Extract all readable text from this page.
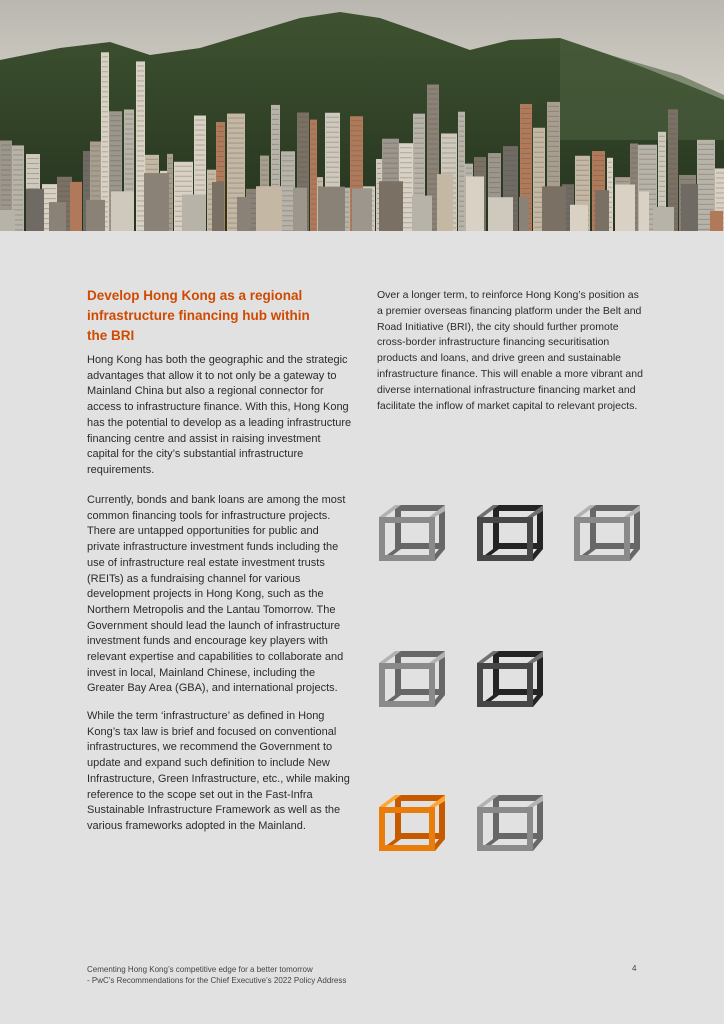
Develop Hong Kong as a regional infrastructure financing hub within the BRI

Hong Kong has both the geographic and the strategic advantages that allow it to not only be a gateway to Mainland China but also a regional connector for access to infrastructure finance. With this, Hong Kong has the potential to develop as a leading infrastructure financing centre and assist in raising investment capital for the city’s substantial infrastructure requirements.

Currently, bonds and bank loans are among the most common financing tools for infrastructure projects. There are untapped opportunities for public and private infrastructure investment funds including the use of infrastructure real estate investment trusts (REITs) as a fundraising channel for various development projects in Hong Kong, such as the Northern Metropolis and the Lantau Tomorrow. The Government should lead the launch of infrastructure investment funds and encourage key players with relevant expertise and capabilities to collaborate and invest in local, Mainland Chinese, including the Greater Bay Area (GBA), and international projects.

While the term ‘infrastructure’ as defined in Hong Kong’s tax law is brief and focused on conventional infrastructures, we recommend the Government to update and expand such definition to include New Infrastructure, Green Infrastructure, etc., while making reference to the scope set out in the Fast-Infra Sustainable Infrastructure Framework as well as the various frameworks adopted in the Mainland.

Over a longer term, to reinforce Hong Kong’s position as a premier overseas financing platform under the Belt and Road Initiative (BRI), the city should further promote cross-border infrastructure financing securitisation products and loans, and drive green and sustainable infrastructure finance. This will enable a more vibrant and diverse international infrastructure financing market and facilitate the inflow of market capital to relevant projects.

Cementing Hong Kong’s competitive edge for a better tomorrow
- PwC’s Recommendations for the Chief Executive’s 2022 Policy Address
4
